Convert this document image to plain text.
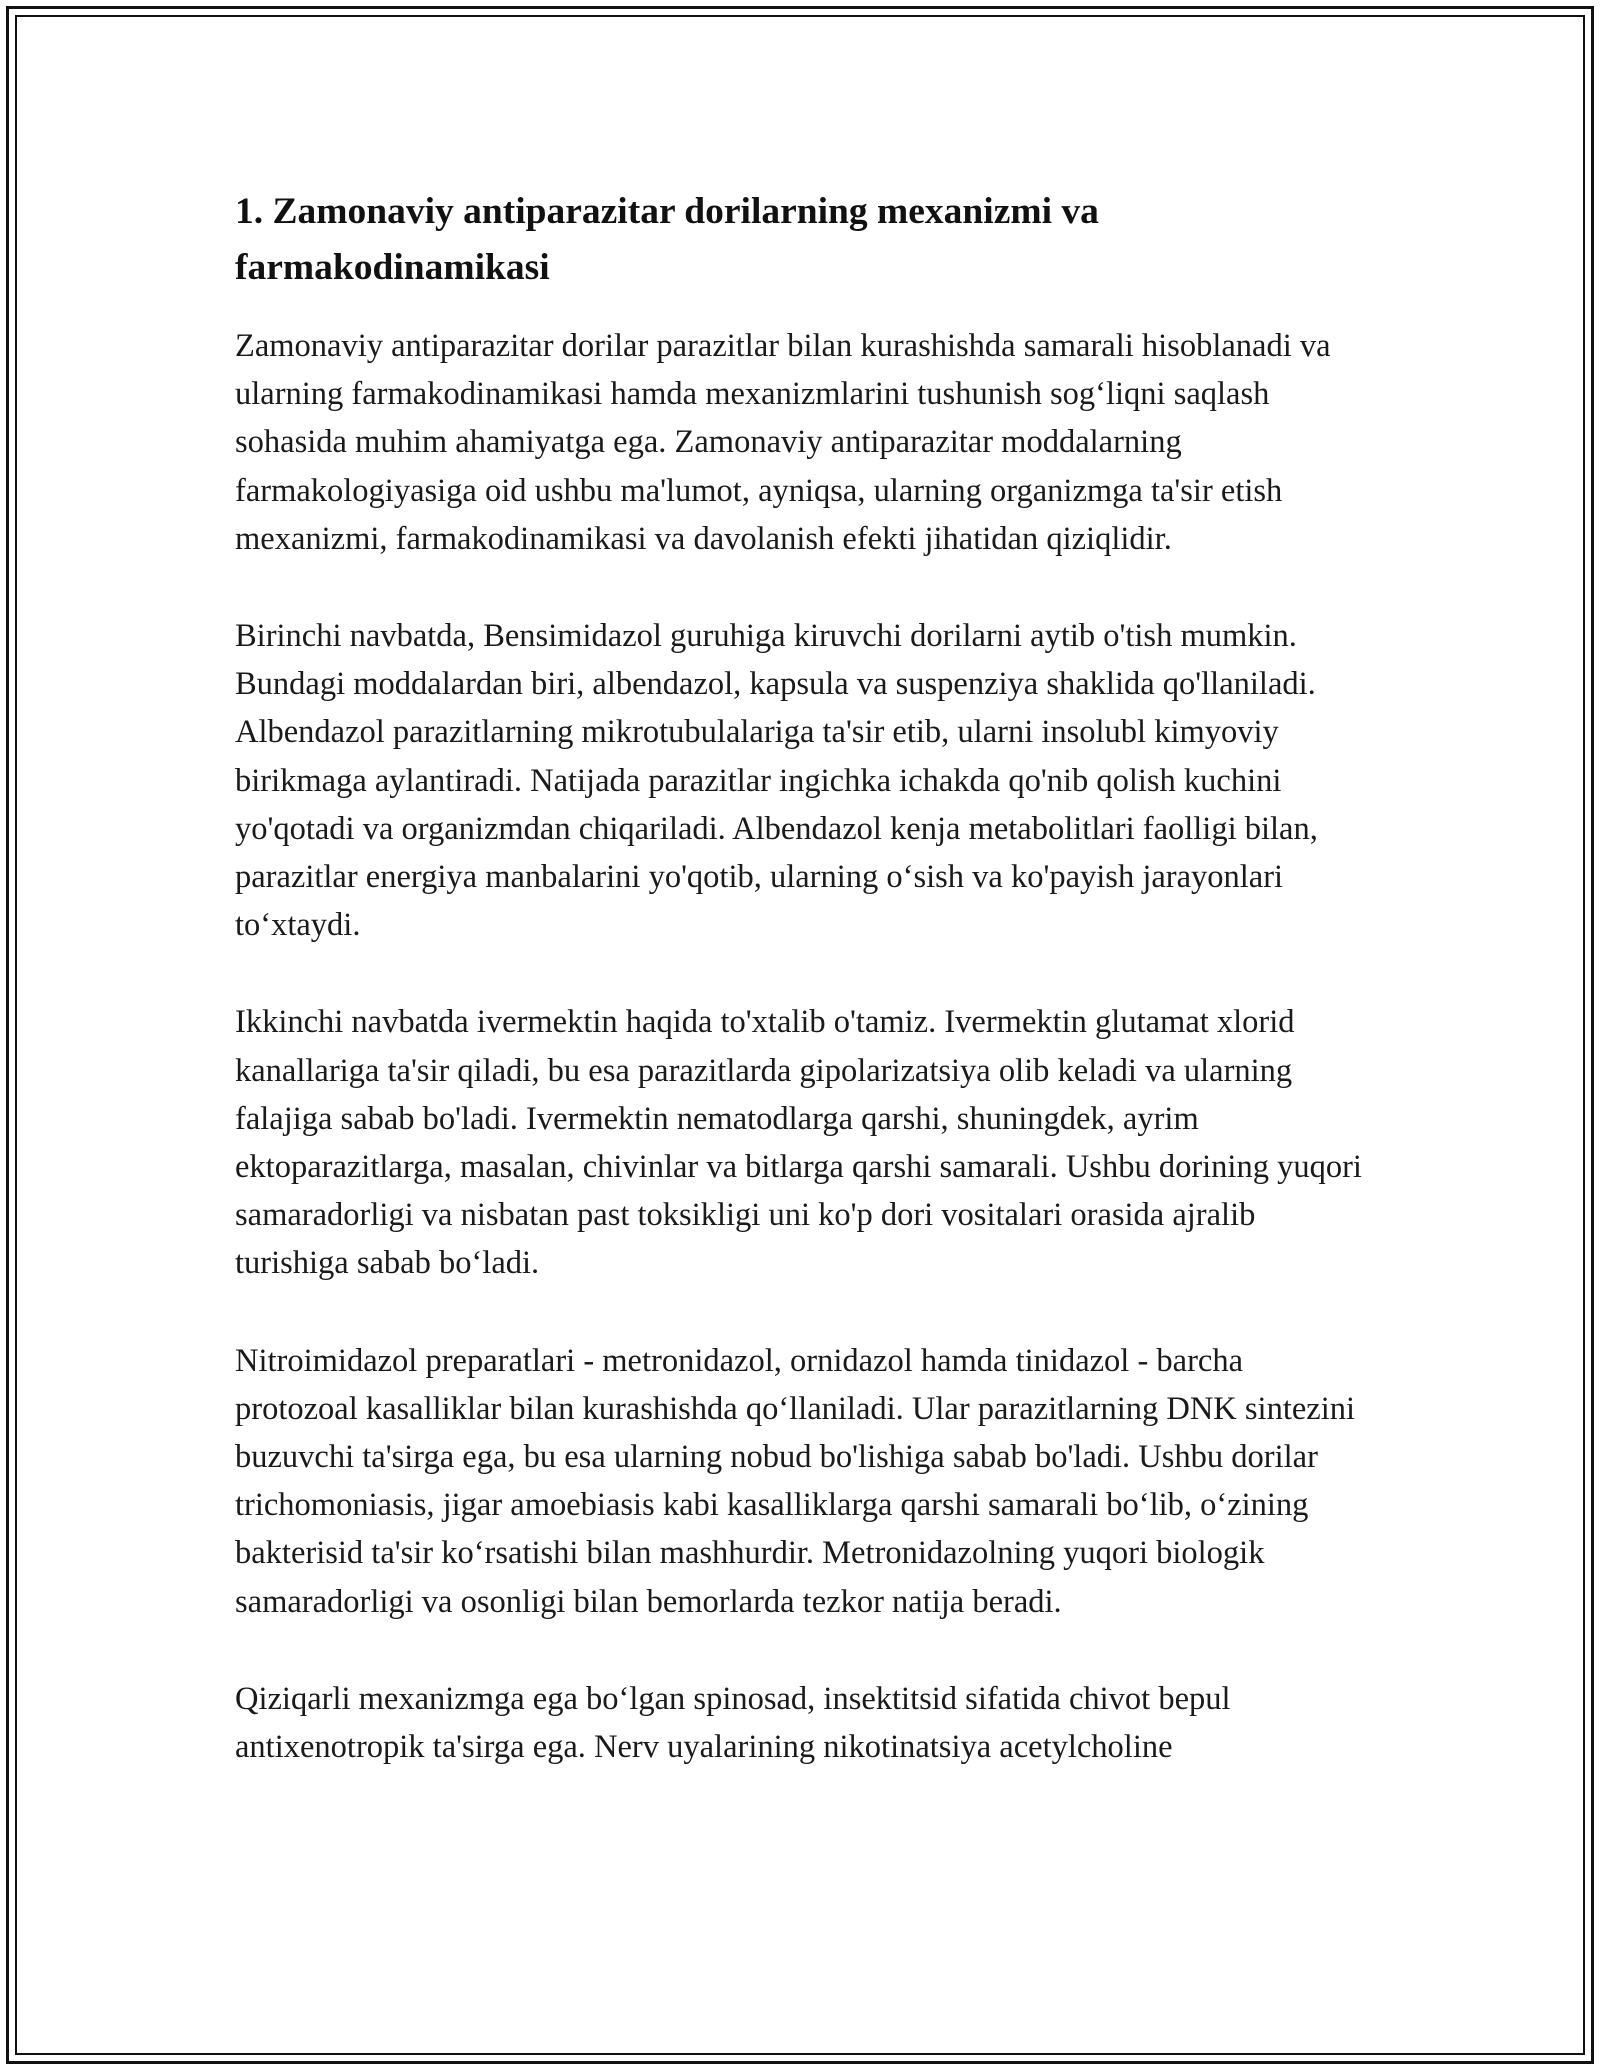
1. Zamonaviy antiparazitar dorilarning mexanizmi va farmakodinamikasi

Zamonaviy antiparazitar dorilar parazitlar bilan kurashishda samarali hisoblanadi va ularning farmakodinamikasi hamda mexanizmlarini tushunish sog‘liqni saqlash sohasida muhim ahamiyatga ega. Zamonaviy antiparazitar moddalarning farmakologiyasiga oid ushbu ma'lumot, ayniqsa, ularning organizmga ta'sir etish mexanizmi, farmakodinamikasi va davolanish efekti jihatidan qiziqlidir.

Birinchi navbatda, Bensimidazol guruhiga kiruvchi dorilarni aytib o'tish mumkin. Bundagi moddalardan biri, albendazol, kapsula va suspenziya shaklida qo'llaniladi. Albendazol parazitlarning mikrotubulalariga ta'sir etib, ularni insolubl kimyoviy birikmaga aylantiradi. Natijada parazitlar ingichka ichakda qo'nib qolish kuchini yo'qotadi va organizmdan chiqariladi. Albendazol kenja metabolitlari faolligi bilan, parazitlar energiya manbalarini yo'qotib, ularning o‘sish va ko'payish jarayonlari to‘xtaydi.

Ikkinchi navbatda ivermektin haqida to'xtalib o'tamiz. Ivermektin glutamat xlorid kanallariga ta'sir qiladi, bu esa parazitlarda gipolarizatsiya olib keladi va ularning falajiga sabab bo'ladi. Ivermektin nematodlarga qarshi, shuningdek, ayrim ektoparazitlarga, masalan, chivinlar va bitlarga qarshi samarali. Ushbu dorining yuqori samaradorligi va nisbatan past toksikligi uni ko'p dori vositalari orasida ajralib turishiga sabab bo‘ladi.

Nitroimidazol preparatlari - metronidazol, ornidazol hamda tinidazol - barcha protozoal kasalliklar bilan kurashishda qo‘llaniladi. Ular parazitlarning DNK sintezini buzuvchi ta'sirga ega, bu esa ularning nobud bo'lishiga sabab bo'ladi. Ushbu dorilar trichomoniasis, jigar amoebiasis kabi kasalliklarga qarshi samarali bo‘lib, o‘zining bakterisid ta'sir ko‘rsatishi bilan mashhurdir. Metronidazolning yuqori biologik samaradorligi va osonligi bilan bemorlarda tezkor natija beradi.

Qiziqarli mexanizmga ega bo‘lgan spinosad, insektitsid sifatida chivot bepul antixenotropik ta'sirga ega. Nerv uyalarining nikotinatsiya acetylcholine
